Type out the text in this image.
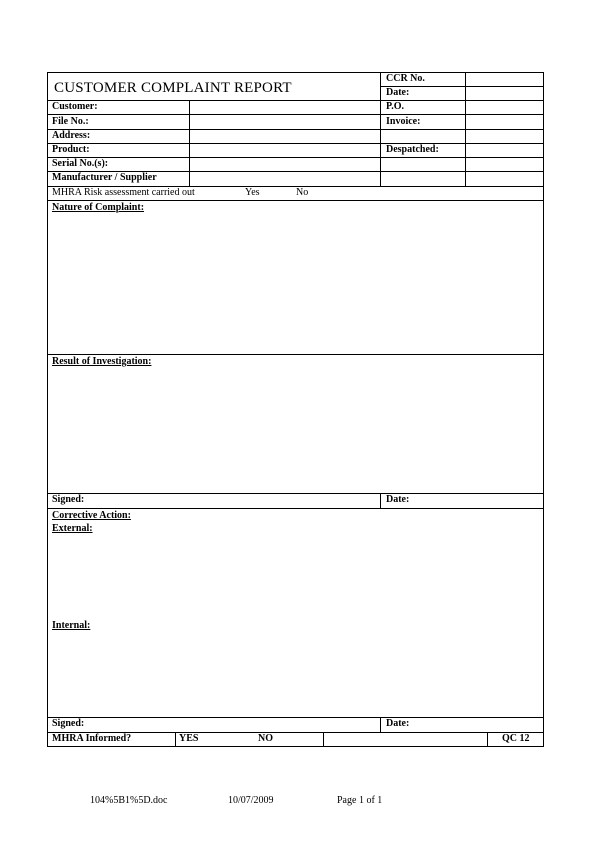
CUSTOMER COMPLAINT REPORT
CCR No.
Date:
Customer:	P.O.
File No.:	Invoice:
Address:
Product:	Despatched:
Serial No.(s):
Manufacturer / Supplier
MHRA Risk assessment carried out	Yes	No
Nature of Complaint:
Result of Investigation:
Signed:	Date:
Corrective Action:
External:
Internal:
Signed:	Date:
MHRA Informed?	YES	NO	QC 12
104%5B1%5D.doc	10/07/2009	Page 1 of 1
